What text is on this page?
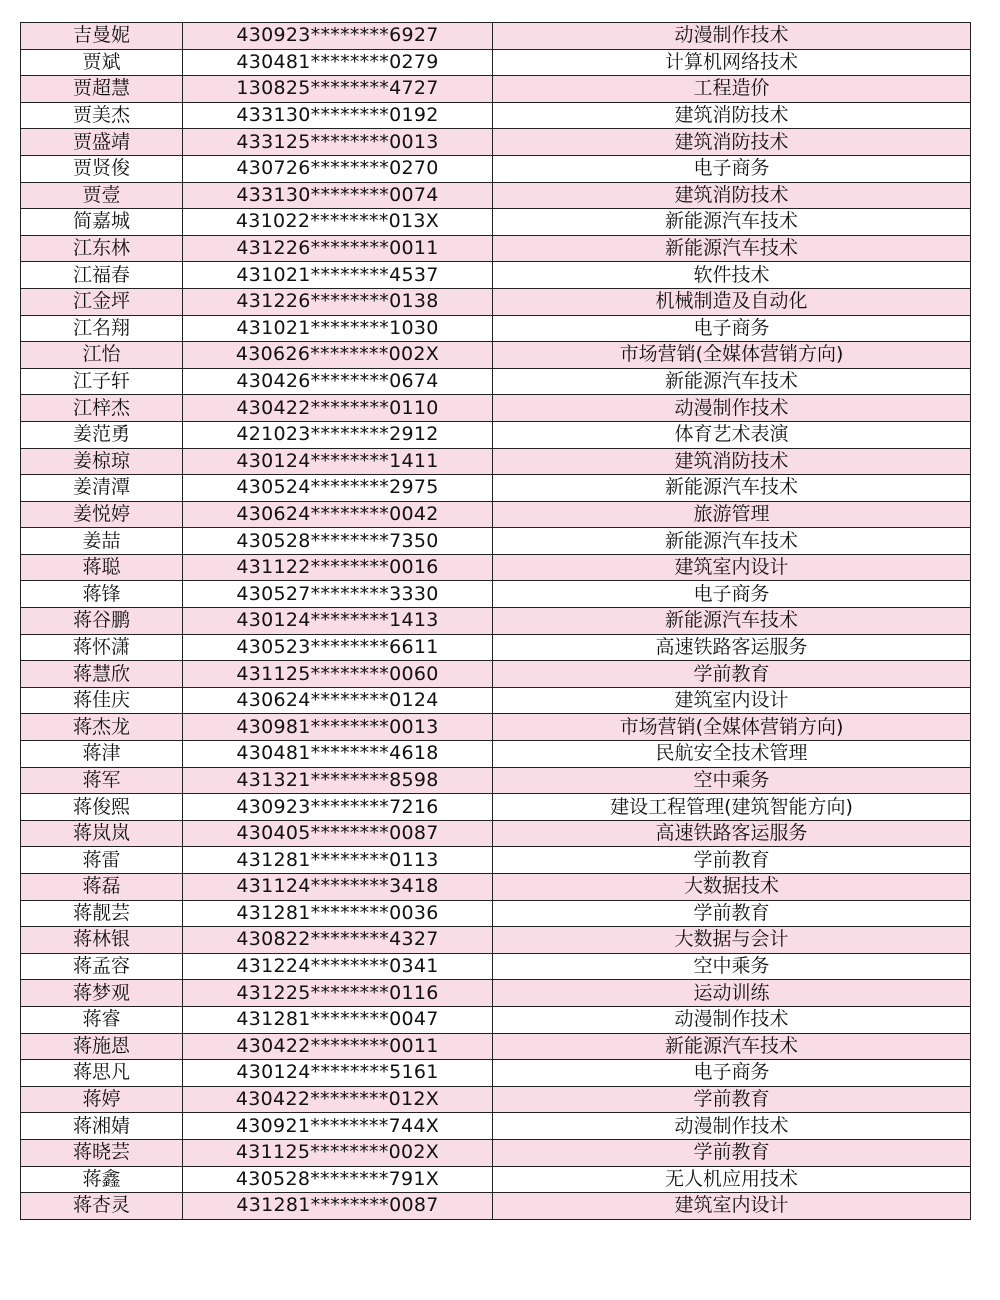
吉曼妮	430923********6927	动漫制作技术
贾斌	430481********0279	计算机网络技术
贾超慧	130825********4727	工程造价
贾美杰	433130********0192	建筑消防技术
贾盛靖	433125********0013	建筑消防技术
贾贤俊	430726********0270	电子商务
贾壹	433130********0074	建筑消防技术
简嘉城	431022********013X	新能源汽车技术
江东林	431226********0011	新能源汽车技术
江福春	431021********4537	软件技术
江金坪	431226********0138	机械制造及自动化
江名翔	431021********1030	电子商务
江怡	430626********002X	市场营销(全媒体营销方向)
江子轩	430426********0674	新能源汽车技术
江梓杰	430422********0110	动漫制作技术
姜范勇	421023********2912	体育艺术表演
姜椋琼	430124********1411	建筑消防技术
姜清潭	430524********2975	新能源汽车技术
姜悦婷	430624********0042	旅游管理
姜喆	430528********7350	新能源汽车技术
蒋聪	431122********0016	建筑室内设计
蒋锋	430527********3330	电子商务
蒋谷鹏	430124********1413	新能源汽车技术
蒋怀潇	430523********6611	高速铁路客运服务
蒋慧欣	431125********0060	学前教育
蒋佳庆	430624********0124	建筑室内设计
蒋杰龙	430981********0013	市场营销(全媒体营销方向)
蒋津	430481********4618	民航安全技术管理
蒋军	431321********8598	空中乘务
蒋俊熙	430923********7216	建设工程管理(建筑智能方向)
蒋岚岚	430405********0087	高速铁路客运服务
蒋雷	431281********0113	学前教育
蒋磊	431124********3418	大数据技术
蒋靓芸	431281********0036	学前教育
蒋林银	430822********4327	大数据与会计
蒋孟容	431224********0341	空中乘务
蒋梦观	431225********0116	运动训练
蒋睿	431281********0047	动漫制作技术
蒋施恩	430422********0011	新能源汽车技术
蒋思凡	430124********5161	电子商务
蒋婷	430422********012X	学前教育
蒋湘婧	430921********744X	动漫制作技术
蒋晓芸	431125********002X	学前教育
蒋鑫	430528********791X	无人机应用技术
蒋杏灵	431281********0087	建筑室内设计
